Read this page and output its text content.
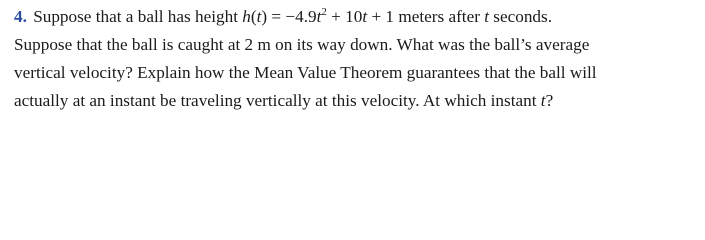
4. Suppose that a ball has height $h(t) = -4.9t^2 + 10t + 1$ meters after t seconds.
Suppose that the ball is caught at 2 m on its way down. What was the ball’s average
vertical velocity? Explain how the Mean Value Theorem guarantees that the ball will
actually at an instant be traveling vertically at this velocity. At which instant t?
